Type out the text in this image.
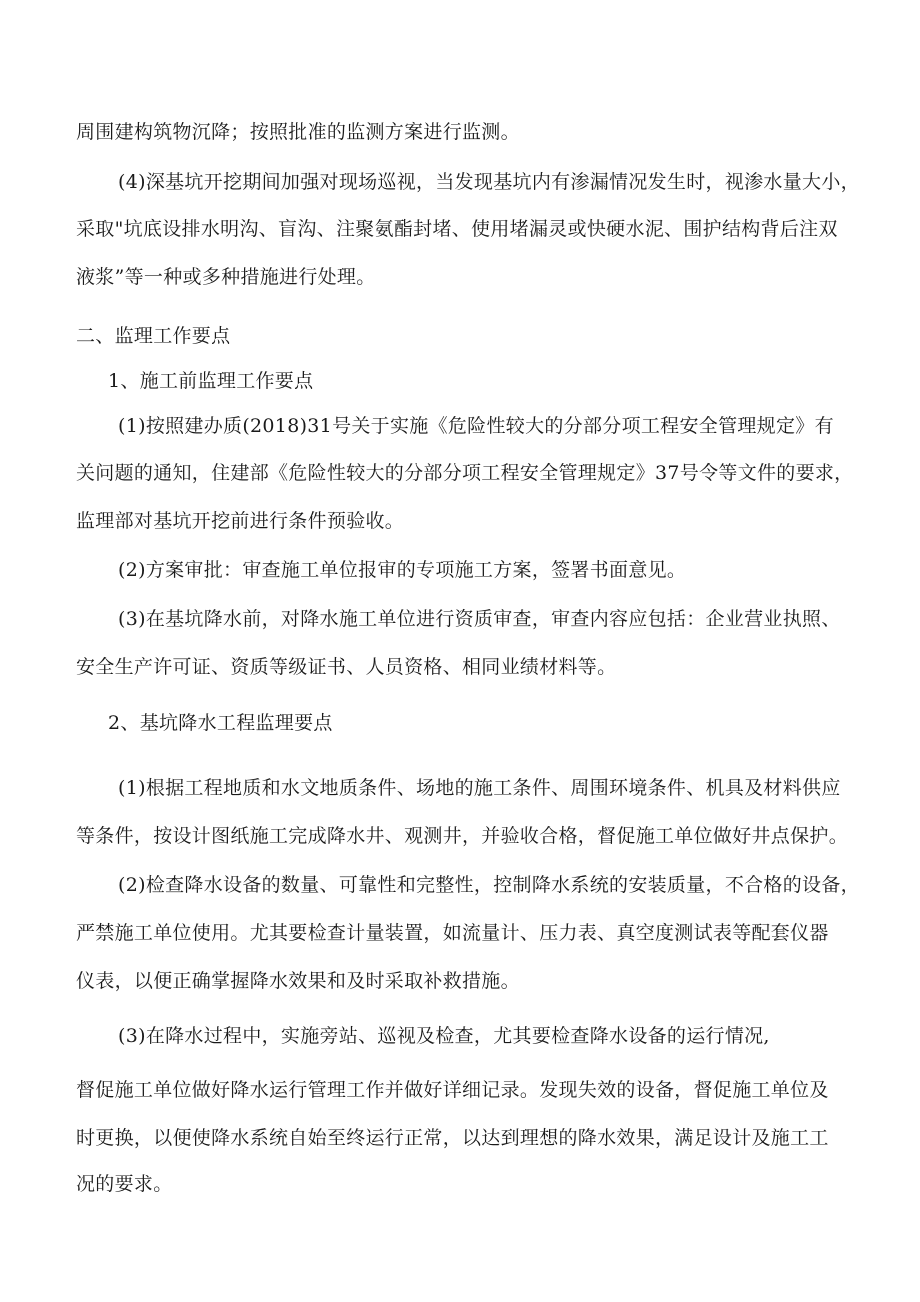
周围建构筑物沉降；按照批准的监测方案进行监测。
(4)深基坑开挖期间加强对现场巡视，当发现基坑内有渗漏情况发生时，视渗水量大小，
采取"坑底设排水明沟、盲沟、注聚氨酯封堵、使用堵漏灵或快硬水泥、围护结构背后注双
液浆”等一种或多种措施进行处理。
二、监理工作要点
1、施工前监理工作要点
(1)按照建办质(2018)31号关于实施《危险性较大的分部分项工程安全管理规定》有
关问题的通知，住建部《危险性较大的分部分项工程安全管理规定》37号令等文件的要求，
监理部对基坑开挖前进行条件预验收。
(2)方案审批：审查施工单位报审的专项施工方案，签署书面意见。
(3)在基坑降水前，对降水施工单位进行资质审查，审查内容应包括：企业营业执照、
安全生产许可证、资质等级证书、人员资格、相同业绩材料等。
2、基坑降水工程监理要点
(1)根据工程地质和水文地质条件、场地的施工条件、周围环境条件、机具及材料供应
等条件，按设计图纸施工完成降水井、观测井，并验收合格，督促施工单位做好井点保护。
(2)检查降水设备的数量、可靠性和完整性，控制降水系统的安装质量，不合格的设备，
严禁施工单位使用。尤其要检查计量装置，如流量计、压力表、真空度测试表等配套仪器
仪表，以便正确掌握降水效果和及时采取补救措施。
(3)在降水过程中，实施旁站、巡视及检查，尤其要检查降水设备的运行情况,
督促施工单位做好降水运行管理工作并做好详细记录。发现失效的设备，督促施工单位及
时更换，以便使降水系统自始至终运行正常，以达到理想的降水效果，满足设计及施工工
况的要求。
